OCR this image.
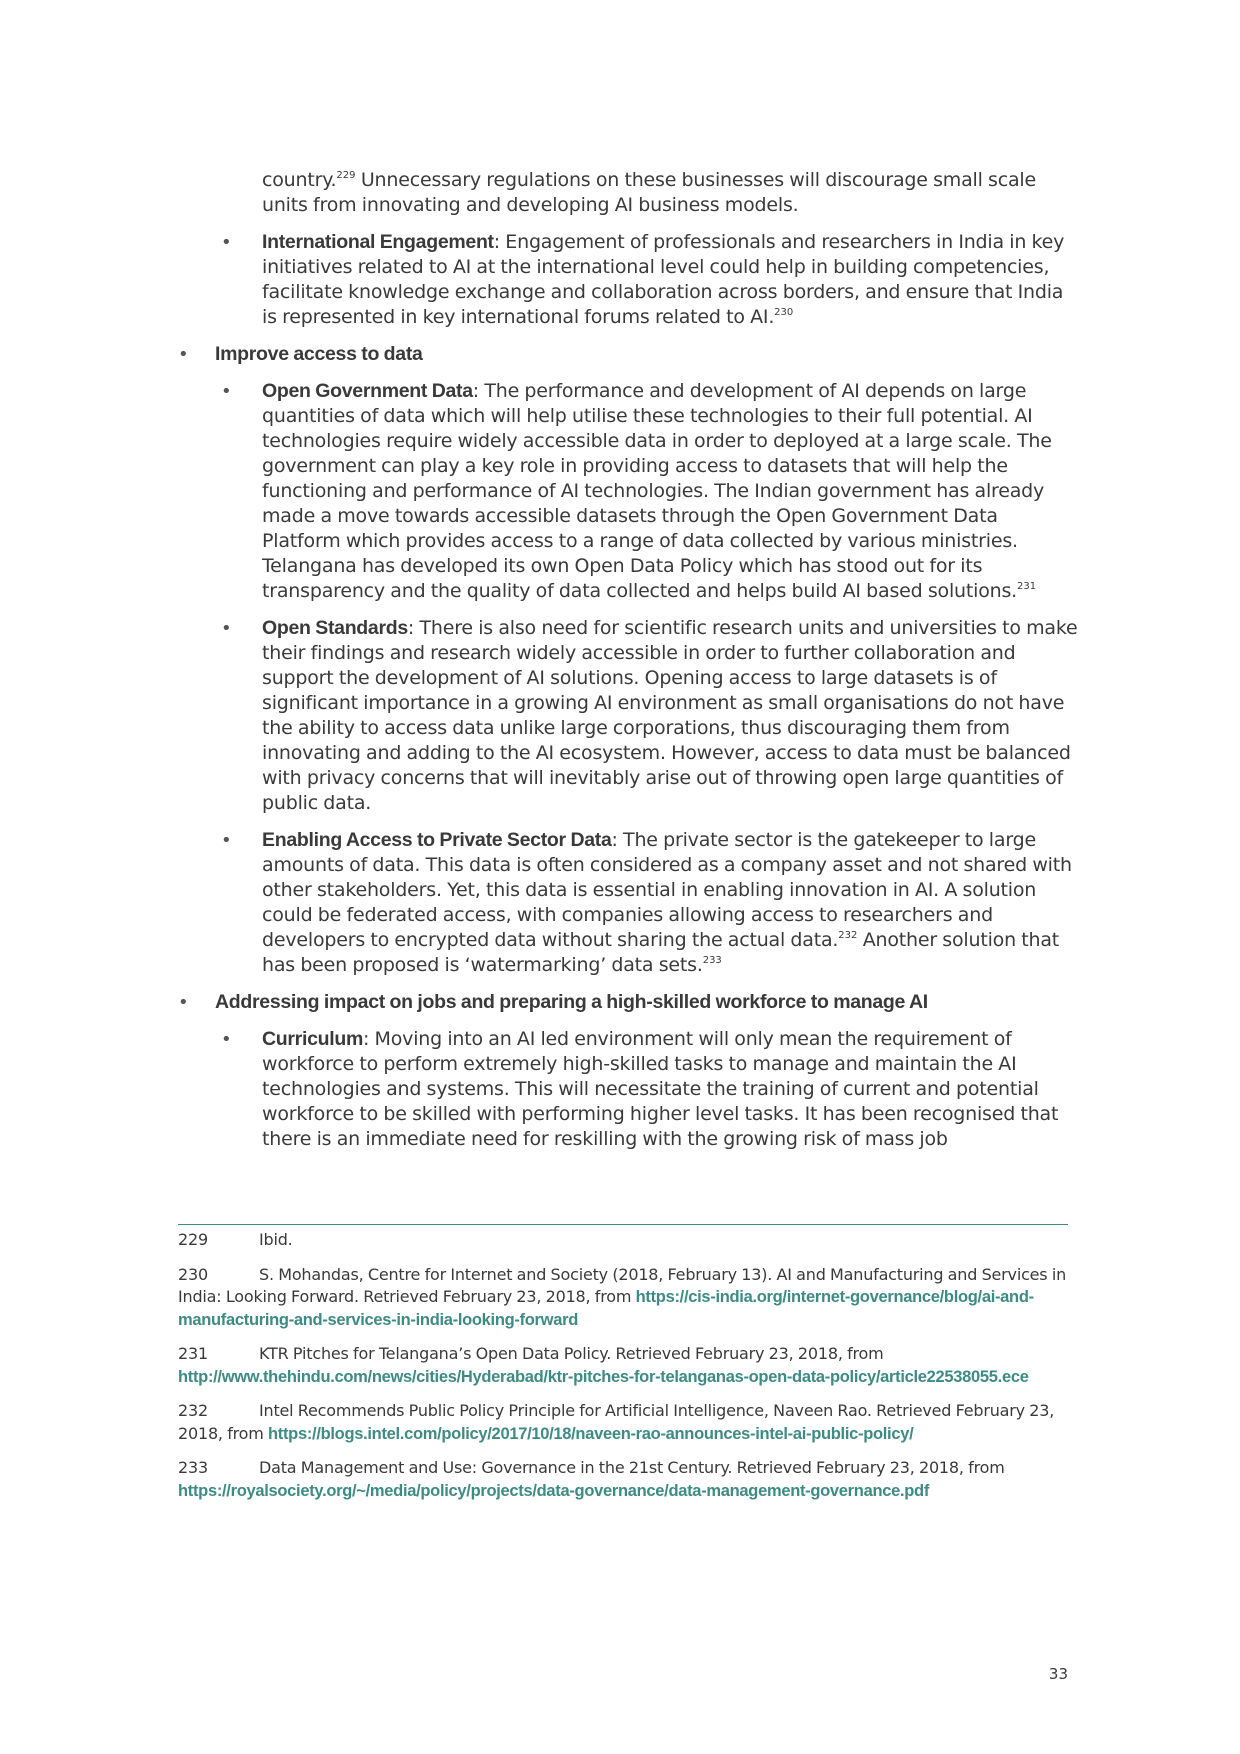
country.$^{229}$ Unnecessary regulations on these businesses will discourage small scale units from innovating and developing AI business models.
• International Engagement: Engagement of professionals and researchers in India in key initiatives related to AI at the international level could help in building competencies, facilitate knowledge exchange and collaboration across borders, and ensure that India is represented in key international forums related to AI.$^{230}$
• Improve access to data
• Open Government Data: The performance and development of AI depends on large quantities of data which will help utilise these technologies to their full potential. AI technologies require widely accessible data in order to deployed at a large scale. The government can play a key role in providing access to datasets that will help the functioning and performance of AI technologies. The Indian government has already made a move towards accessible datasets through the Open Government Data Platform which provides access to a range of data collected by various ministries. Telangana has developed its own Open Data Policy which has stood out for its transparency and the quality of data collected and helps build AI based solutions.$^{231}$
• Open Standards: There is also need for scientific research units and universities to make their findings and research widely accessible in order to further collaboration and support the development of AI solutions. Opening access to large datasets is of significant importance in a growing AI environment as small organisations do not have the ability to access data unlike large corporations, thus discouraging them from innovating and adding to the AI ecosystem. However, access to data must be balanced with privacy concerns that will inevitably arise out of throwing open large quantities of public data.
• Enabling Access to Private Sector Data: The private sector is the gatekeeper to large amounts of data. This data is often considered as a company asset and not shared with other stakeholders. Yet, this data is essential in enabling innovation in AI. A solution could be federated access, with companies allowing access to researchers and developers to encrypted data without sharing the actual data.$^{232}$ Another solution that has been proposed is ‘watermarking’ data sets.$^{233}$
• Addressing impact on jobs and preparing a high-skilled workforce to manage AI
• Curriculum: Moving into an AI led environment will only mean the requirement of workforce to perform extremely high-skilled tasks to manage and maintain the AI technologies and systems. This will necessitate the training of current and potential workforce to be skilled with performing higher level tasks. It has been recognised that there is an immediate need for reskilling with the growing risk of mass job
229	Ibid.
230	S. Mohandas, Centre for Internet and Society (2018, February 13). AI and Manufacturing and Services in India: Looking Forward. Retrieved February 23, 2018, from https://cis-india.org/internet-governance/blog/ai-and-manufacturing-and-services-in-india-looking-forward
231	KTR Pitches for Telangana’s Open Data Policy. Retrieved February 23, 2018, from http://www.thehindu.com/news/cities/Hyderabad/ktr-pitches-for-telanganas-open-data-policy/article22538055.ece
232	Intel Recommends Public Policy Principle for Artificial Intelligence, Naveen Rao. Retrieved February 23, 2018, from https://blogs.intel.com/policy/2017/10/18/naveen-rao-announces-intel-ai-public-policy/
233	Data Management and Use: Governance in the 21st Century. Retrieved February 23, 2018, from https://royalsociety.org/~/media/policy/projects/data-governance/data-management-governance.pdf
33
